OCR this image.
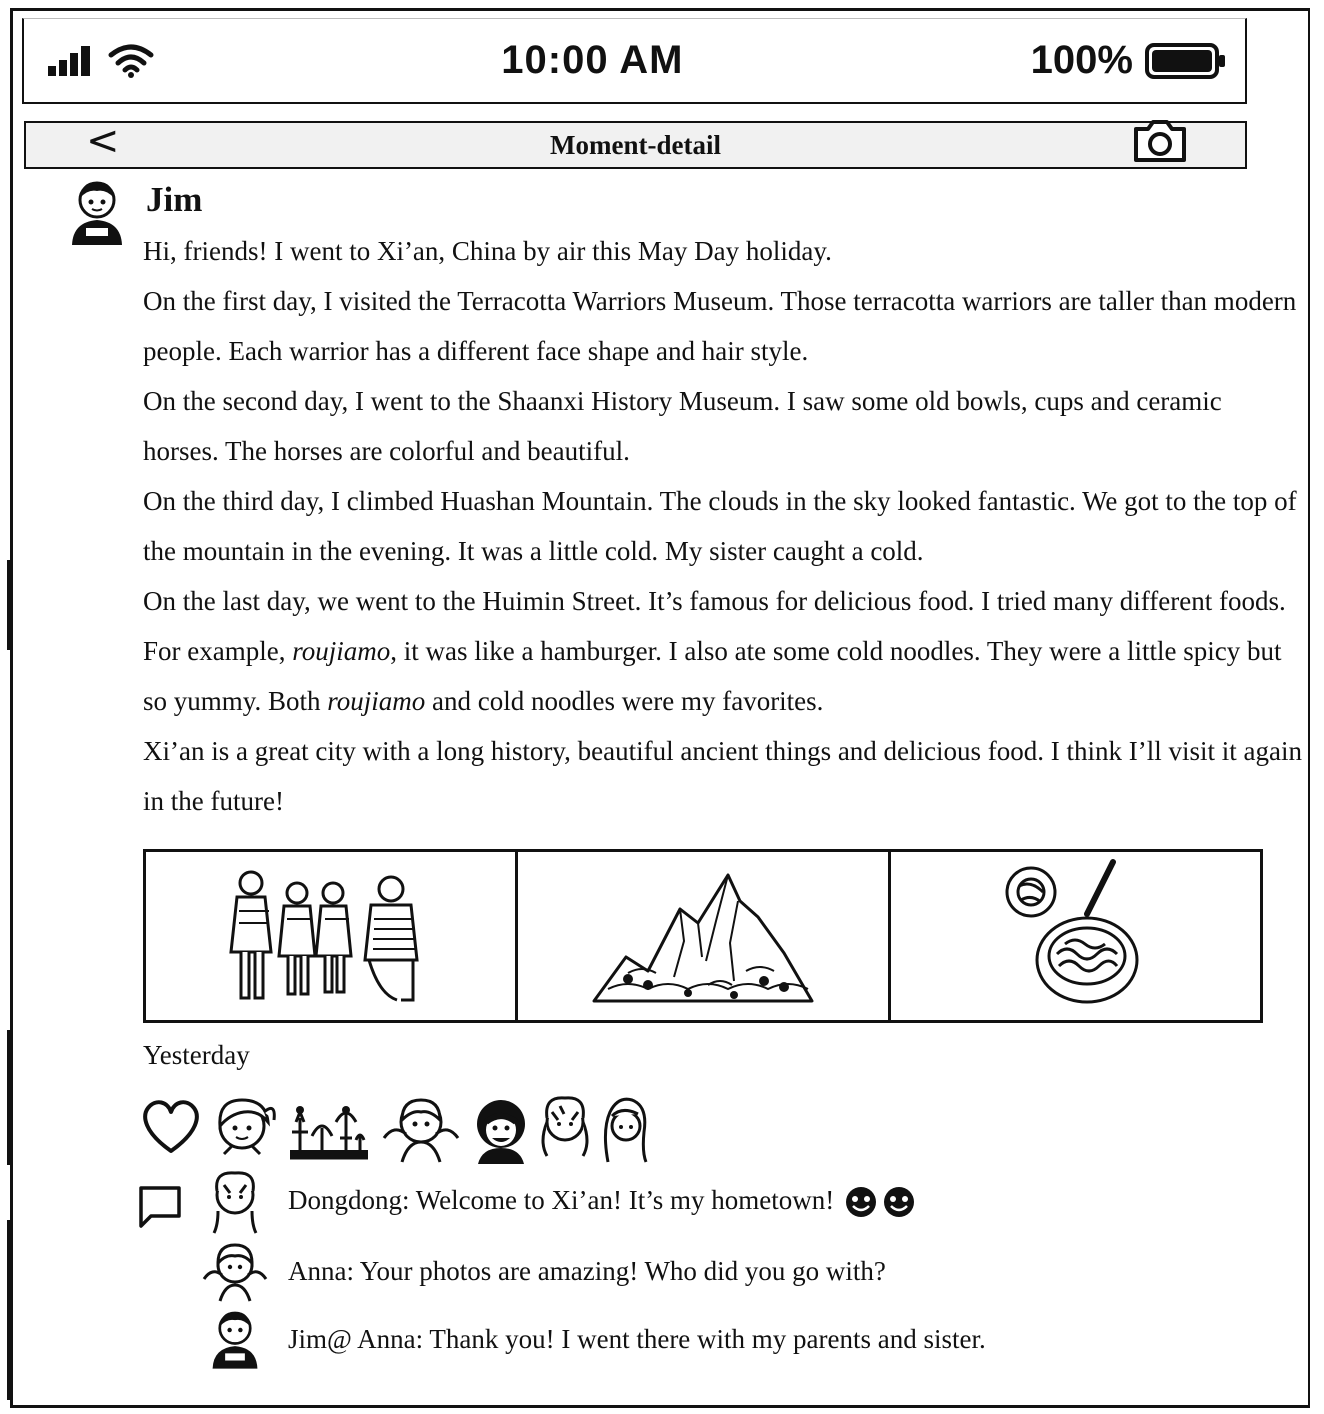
10:00 AM	100%
<	Moment-detail
Jim

Hi, friends! I went to Xi’an, China by air this May Day holiday.

On the first day, I visited the Terracotta Warriors Museum. Those terracotta warriors are taller than modern people. Each warrior has a different face shape and hair style.

On the second day, I went to the Shaanxi History Museum. I saw some old bowls, cups and ceramic horses. The horses are colorful and beautiful.

On the third day, I climbed Huashan Mountain. The clouds in the sky looked fantastic. We got to the top of the mountain in the evening. It was a little cold. My sister caught a cold.

On the last day, we went to the Huimin Street. It’s famous for delicious food. I tried many different foods. For example, roujiamo, it was like a hamburger. I also ate some cold noodles. They were a little spicy but so yummy. Both roujiamo and cold noodles were my favorites.

Xi’an is a great city with a long history, beautiful ancient things and delicious food. I think I’ll visit it again in the future!

Yesterday
Dongdong: Welcome to Xi’an! It’s my hometown!
Anna: Your photos are amazing! Who did you go with?
Jim@ Anna: Thank you! I went there with my parents and sister.
